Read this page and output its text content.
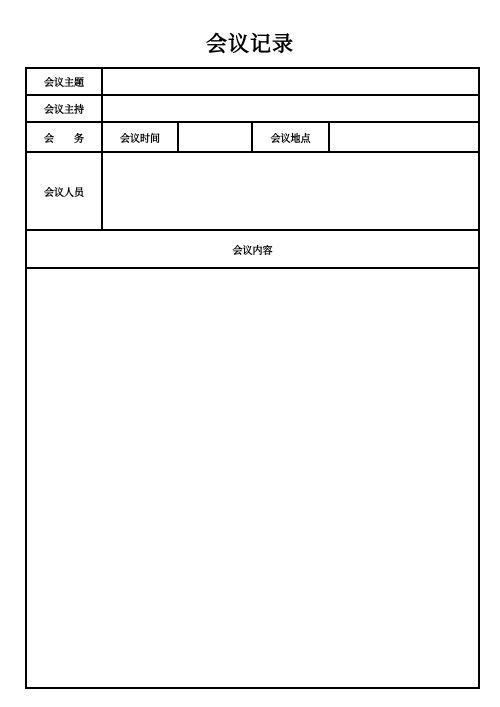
会议记录
会议主题
会议主持
会　　务	会议时间	会议地点
会议人员
会议内容
